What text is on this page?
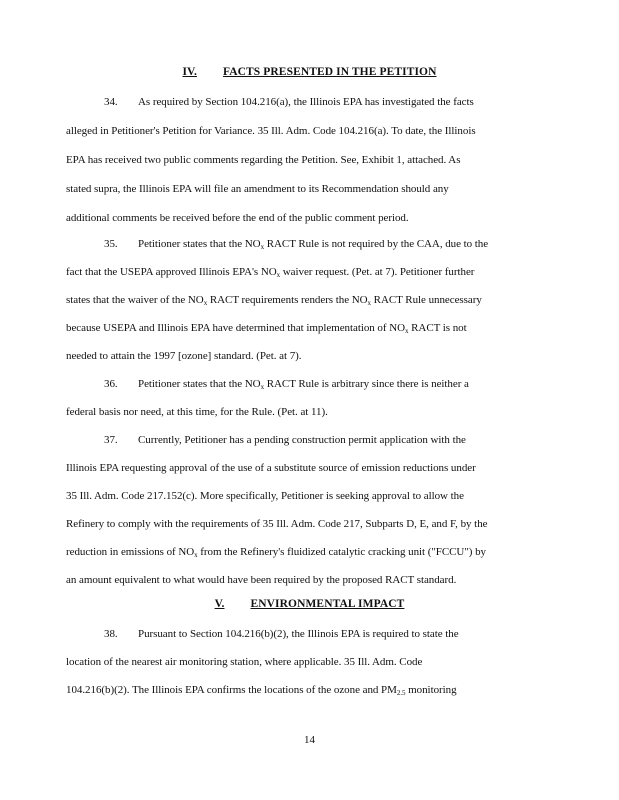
IV. FACTS PRESENTED IN THE PETITION
34. As required by Section 104.216(a), the Illinois EPA has investigated the facts
alleged in Petitioner's Petition for Variance. 35 Ill. Adm. Code 104.216(a). To date, the Illinois
EPA has received two public comments regarding the Petition. See, Exhibit 1, attached. As
stated supra, the Illinois EPA will file an amendment to its Recommendation should any
additional comments be received before the end of the public comment period.
35. Petitioner states that the $NO_x$ RACT Rule is not required by the CAA, due to the
fact that the USEPA approved Illinois EPA's $NO_x$ waiver request. (Pet. at 7). Petitioner further
states that the waiver of the $NO_x$ RACT requirements renders the $NO_x$ RACT Rule unnecessary
because USEPA and Illinois EPA have determined that implementation of $NO_x$ RACT is not
needed to attain the 1997 [ozone] standard. (Pet. at 7).
36. Petitioner states that the $NO_x$ RACT Rule is arbitrary since there is neither a
federal basis nor need, at this time, for the Rule. (Pet. at 11).
37. Currently, Petitioner has a pending construction permit application with the
Illinois EPA requesting approval of the use of a substitute source of emission reductions under
35 Ill. Adm. Code 217.152(c). More specifically, Petitioner is seeking approval to allow the
Refinery to comply with the requirements of 35 Ill. Adm. Code 217, Subparts D, E, and F, by the
reduction in emissions of $NO_x$ from the Refinery's fluidized catalytic cracking unit ("FCCU") by
an amount equivalent to what would have been required by the proposed RACT standard.
V. ENVIRONMENTAL IMPACT
38. Pursuant to Section 104.216(b)(2), the Illinois EPA is required to state the
location of the nearest air monitoring station, where applicable. 35 Ill. Adm. Code
104.216(b)(2). The Illinois EPA confirms the locations of the ozone and $PM_{2.5}$ monitoring
14
